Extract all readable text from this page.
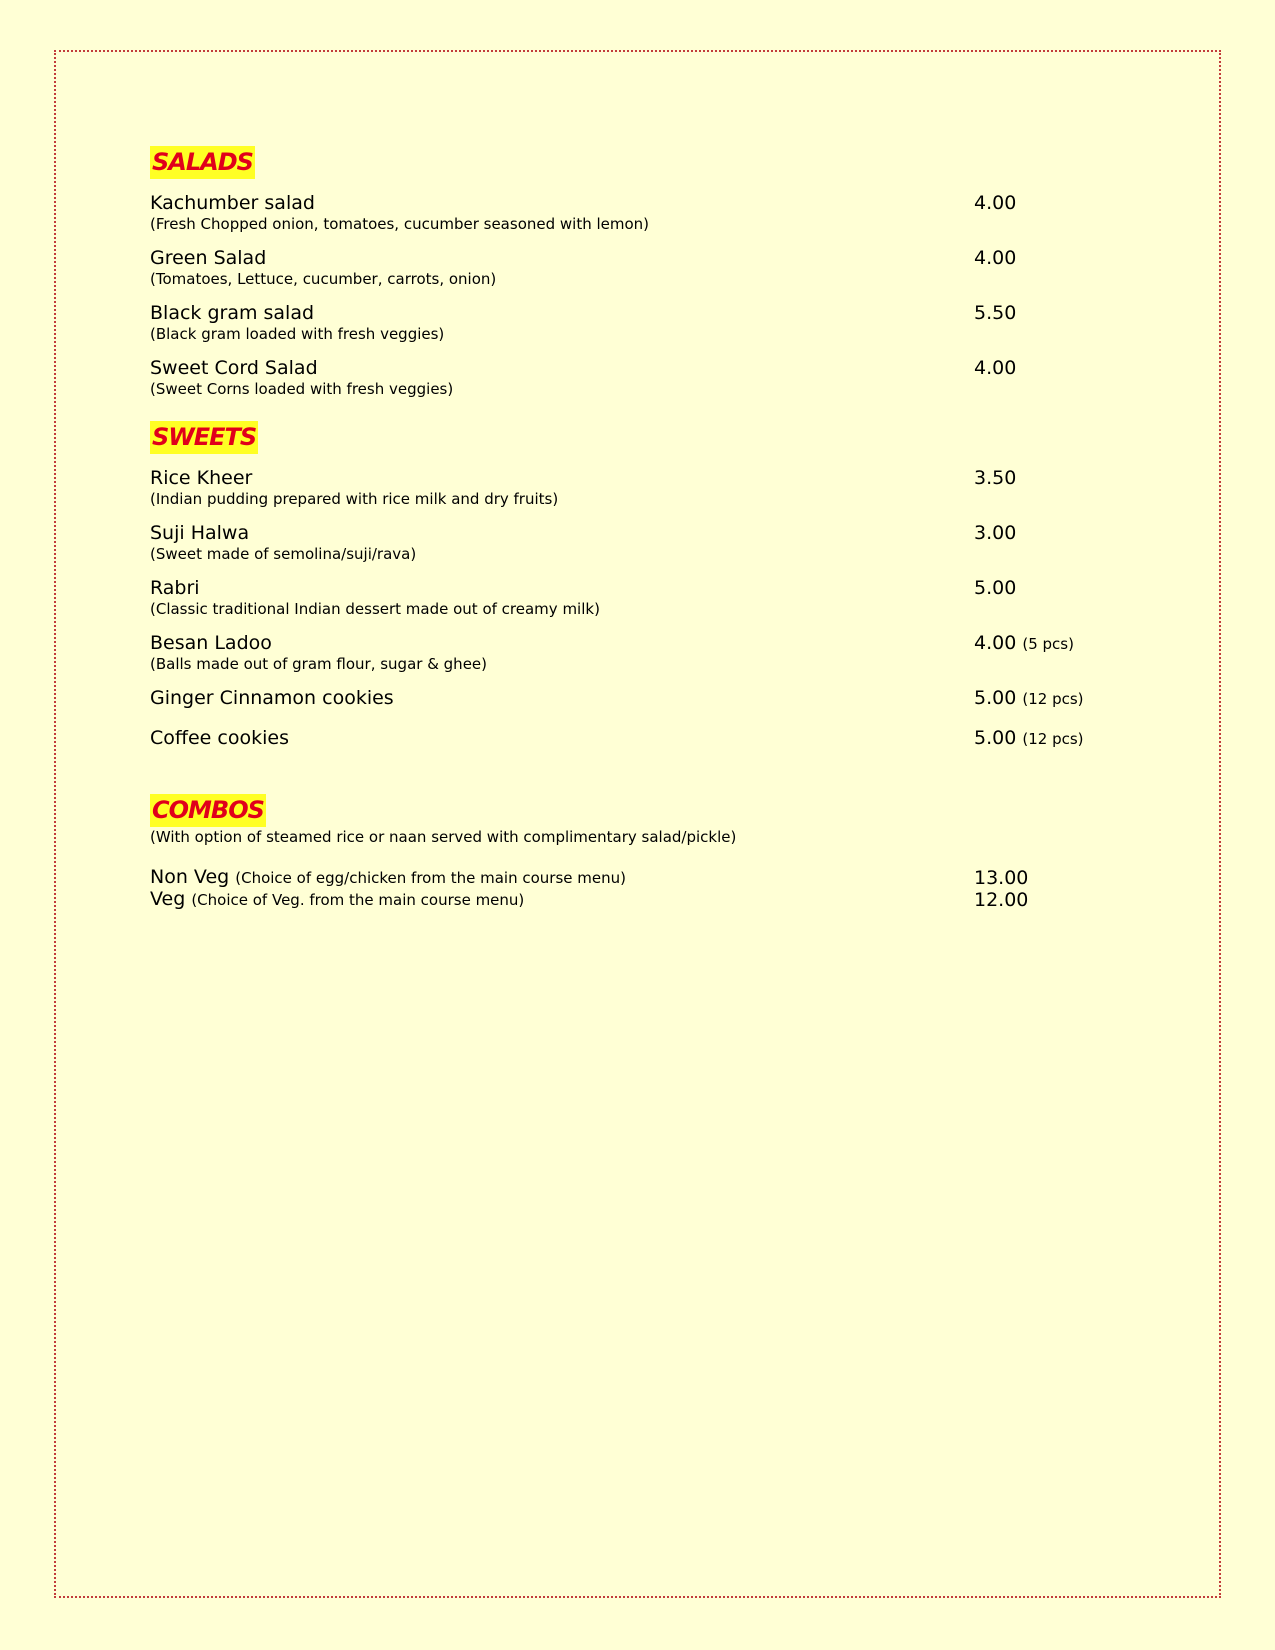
SALADS
Kachumber salad
(Fresh Chopped onion, tomatoes, cucumber seasoned with lemon)
4.00
Green Salad
(Tomatoes, Lettuce, cucumber, carrots, onion)
4.00
Black gram salad
(Black gram loaded with fresh veggies)
5.50
Sweet Cord Salad
(Sweet Corns loaded with fresh veggies)
4.00
SWEETS
Rice Kheer
(Indian pudding prepared with rice milk and dry fruits)
3.50
Suji Halwa
(Sweet made of semolina/suji/rava)
3.00
Rabri
(Classic traditional Indian dessert made out of creamy milk)
5.00
Besan Ladoo
(Balls made out of gram flour, sugar & ghee)
4.00 (5 pcs)
Ginger Cinnamon cookies	5.00 (12 pcs)
Coffee cookies	5.00 (12 pcs)
COMBOS
(With option of steamed rice or naan served with complimentary salad/pickle)
Non Veg (Choice of egg/chicken from the main course menu)	13.00
Veg (Choice of Veg. from the main course menu)	12.00
